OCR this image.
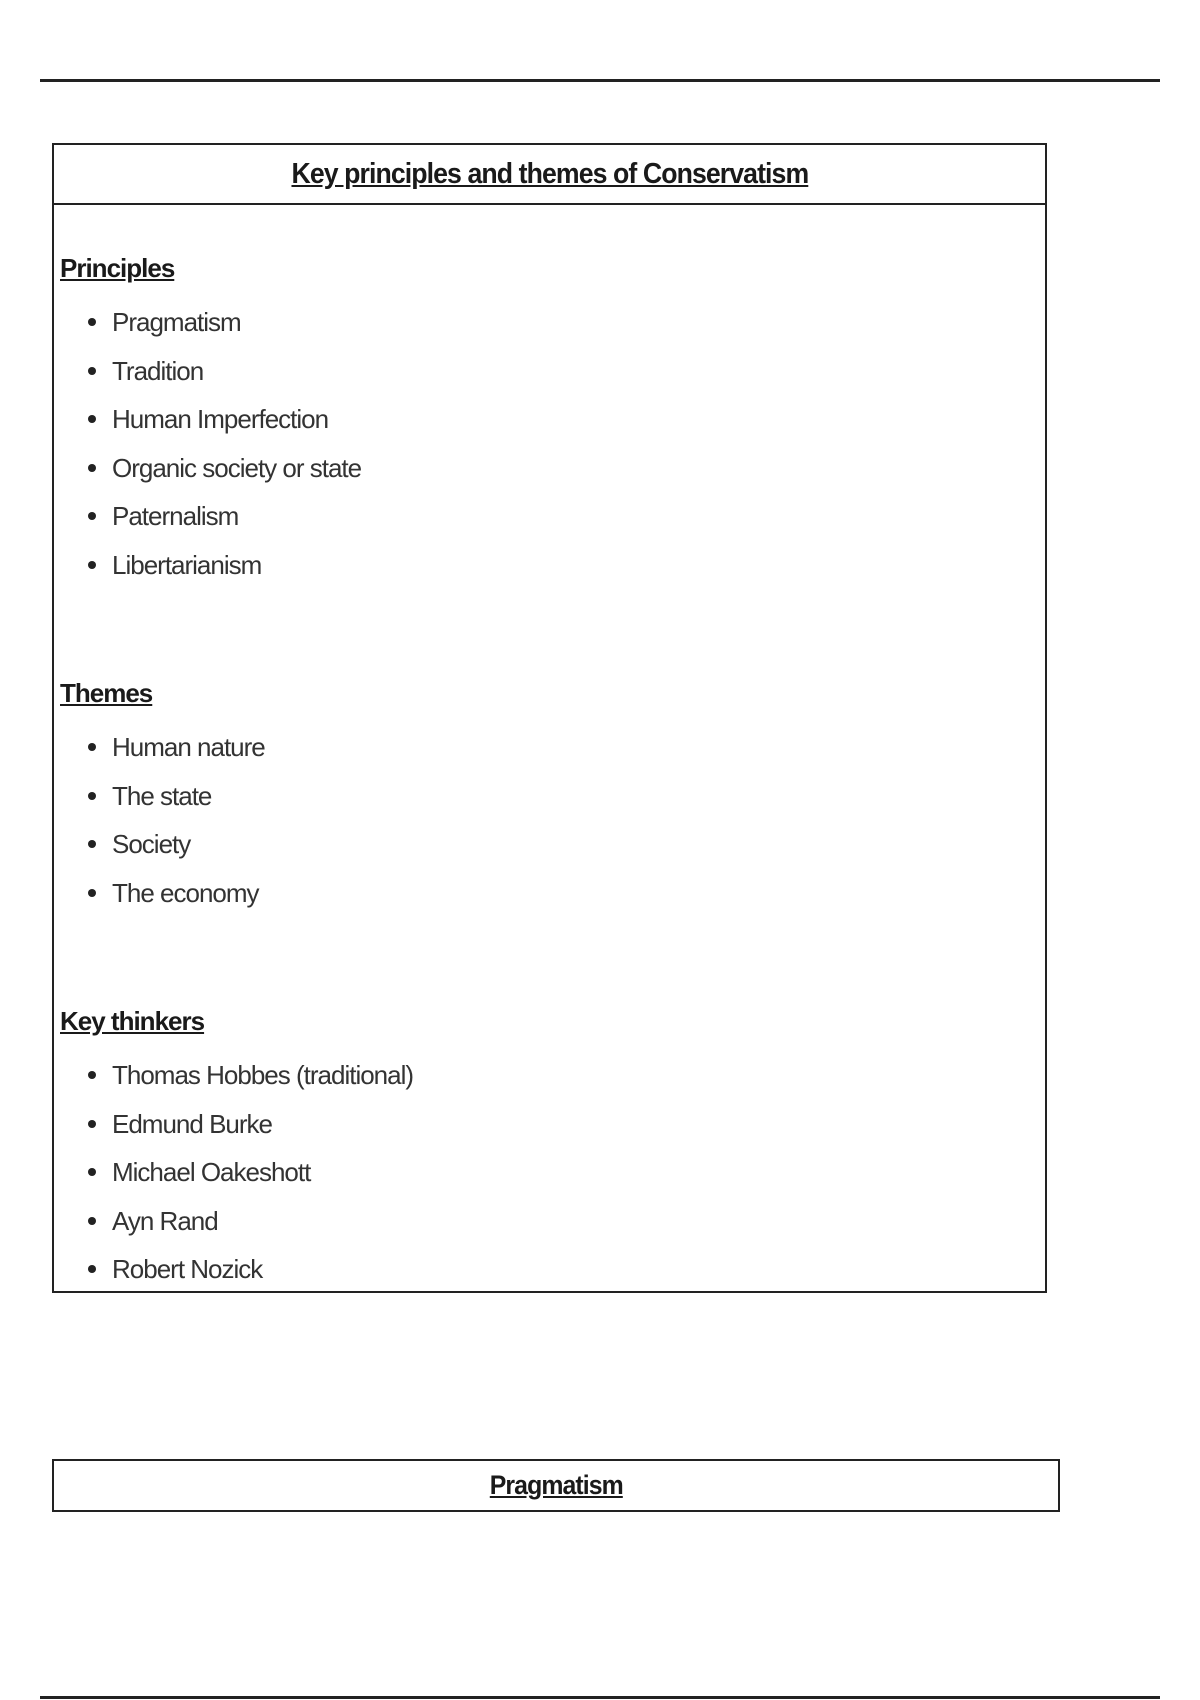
Key principles and themes of Conservatism
Principles
Pragmatism
Tradition
Human Imperfection
Organic society or state
Paternalism
Libertarianism
Themes
Human nature
The state
Society
The economy
Key thinkers
Thomas Hobbes (traditional)
Edmund Burke
Michael Oakeshott
Ayn Rand
Robert Nozick
Pragmatism
